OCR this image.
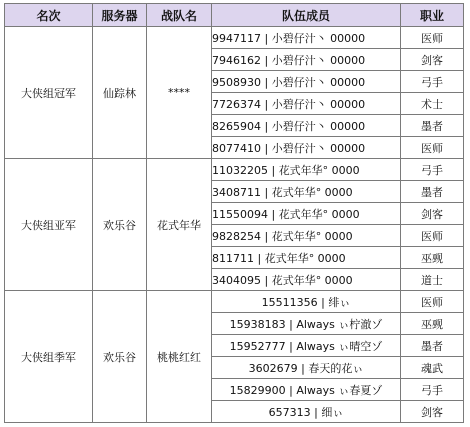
名次	服务器	战队名	队伍成员	职业
大侠组冠军	仙踪林	****	9947117 | 小碧仔汁丶 00000	医师
			7946162 | 小碧仔汁丶 00000	剑客
			9508930 | 小碧仔汁丶 00000	弓手
			7726374 | 小碧仔汁丶 00000	术士
			8265904 | 小碧仔汁丶 00000	墨者
			8077410 | 小碧仔汁丶 00000	医师
大侠组亚军	欢乐谷	花式年华	11032205 | 花式年华° 0000	弓手
			3408711 | 花式年华° 0000	墨者
			11550094 | 花式年华° 0000	剑客
			9828254 | 花式年华° 0000	医师
			811711 | 花式年华° 0000	巫觋
			3404095 | 花式年华° 0000	道士
大侠组季军	欢乐谷	桃桃红红	15511356 | 绯ぃ	医师
			15938183 | Always ぃ柠澈ゾ	巫觋
			15952777 | Always ぃ晴空ゾ	墨者
			3602679 | 春天的花ぃ	魂武
			15829900 | Always ぃ春夏ゾ	弓手
			657313 | 细ぃ	剑客
